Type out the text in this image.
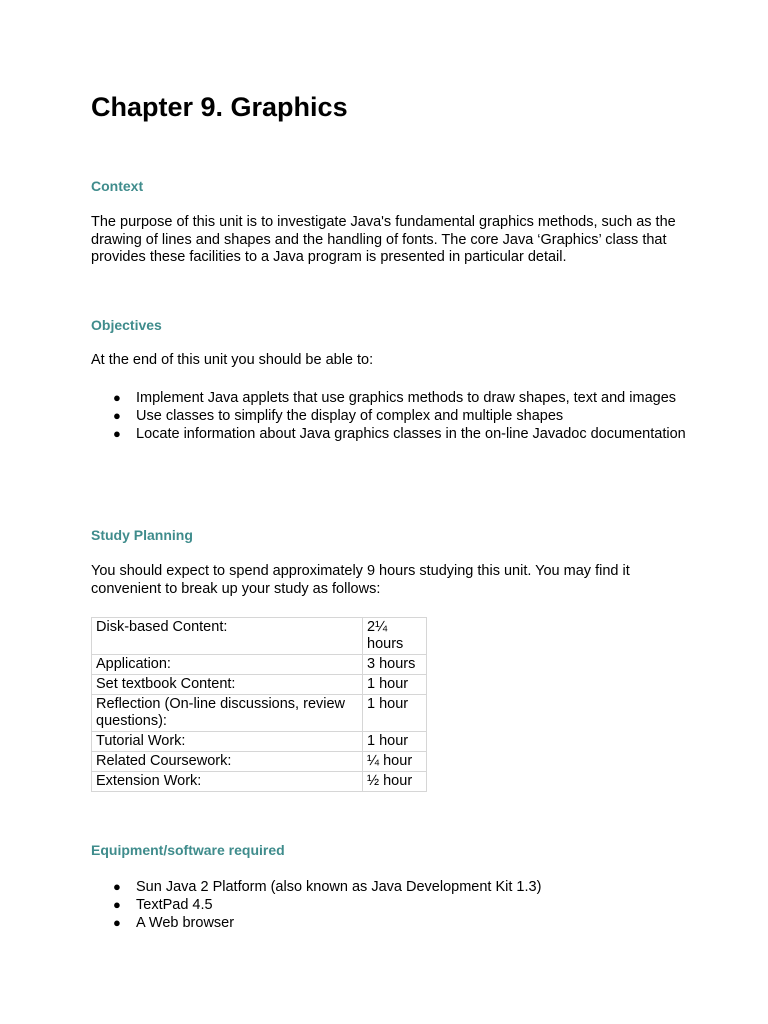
Chapter 9. Graphics
Context

The purpose of this unit is to investigate Java's fundamental graphics methods, such as the drawing of lines and shapes and the handling of fonts. The core Java ‘Graphics’ class that provides these facilities to a Java program is presented in particular detail.

Objectives

At the end of this unit you should be able to:

● Implement Java applets that use graphics methods to draw shapes, text and images
● Use classes to simplify the display of complex and multiple shapes
● Locate information about Java graphics classes in the on-line Javadoc documentation
Study Planning

You should expect to spend approximately 9 hours studying this unit. You may find it convenient to break up your study as follows:

Disk-based Content:	2¼ hours
Application:	3 hours
Set textbook Content:	1 hour
Reflection (On-line discussions, review questions):	1 hour
Tutorial Work:	1 hour
Related Coursework:	¼ hour
Extension Work:	½ hour
Equipment/software required
● Sun Java 2 Platform (also known as Java Development Kit 1.3)
● TextPad 4.5
● A Web browser
